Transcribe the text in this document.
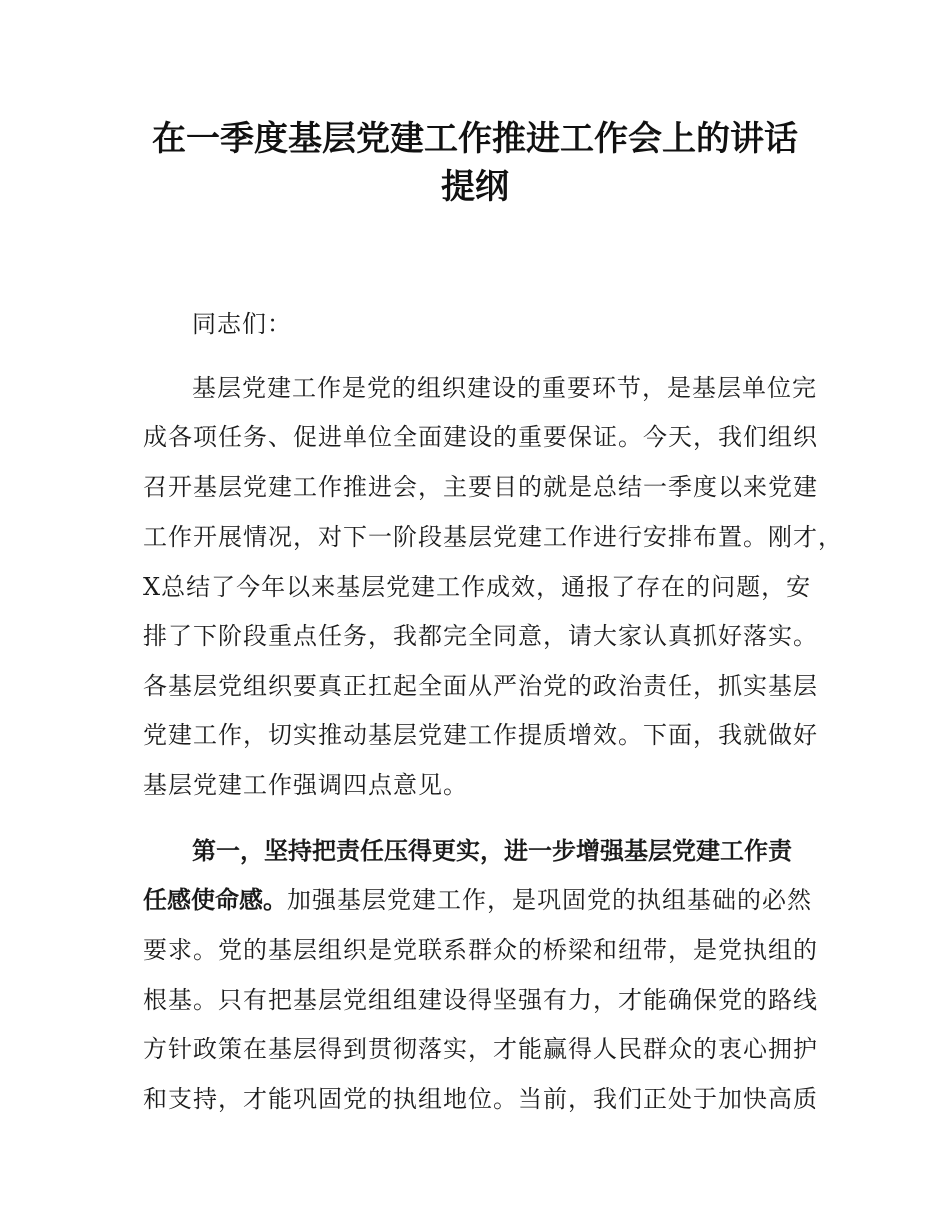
在一季度基层党建工作推进工作会上的讲话
提纲

同志们：

基层党建工作是党的组织建设的重要环节，是基层单位完

成各项任务、促进单位全面建设的重要保证。今天，我们组织

召开基层党建工作推进会，主要目的就是总结一季度以来党建

工作开展情况，对下一阶段基层党建工作进行安排布置。刚才，

X总结了今年以来基层党建工作成效，通报了存在的问题，安

排了下阶段重点任务，我都完全同意，请大家认真抓好落实。

各基层党组织要真正扛起全面从严治党的政治责任，抓实基层

党建工作，切实推动基层党建工作提质增效。下面，我就做好

基层党建工作强调四点意见。

第一，坚持把责任压得更实，进一步增强基层党建工作责

任感使命感。加强基层党建工作，是巩固党的执组基础的必然

要求。党的基层组织是党联系群众的桥梁和纽带，是党执组的

根基。只有把基层党组组建设得坚强有力，才能确保党的路线

方针政策在基层得到贯彻落实，才能赢得人民群众的衷心拥护

和支持，才能巩固党的执组地位。当前，我们正处于加快高质
